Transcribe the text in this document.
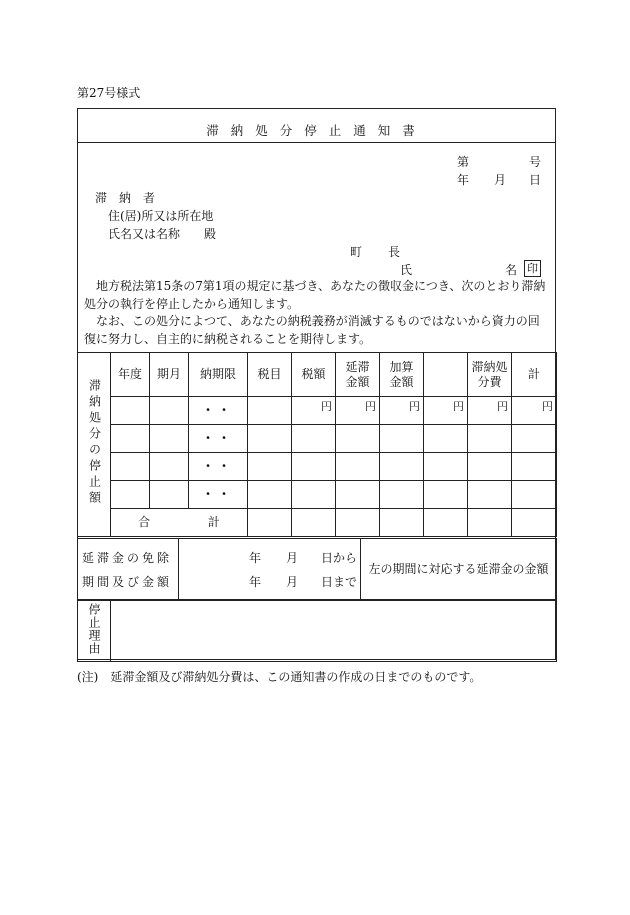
第27号様式
滞納処分停止通知書
第	号
年 月 日
滞　納　者
住(居)所又は所在地
氏名又は名称　　殿
町 長
氏	名 印
地方税法第15条の7第1項の規定に基づき、あなたの徴収金につき、次のとおり滞納処分の執行を停止したから通知します。
なお、この処分によつて、あなたの納税義務が消滅するものではないから資力の回復に努力し、自主的に納税されることを期待します。
滞納処分の停止額	年度	期月	納期限	税目	税額	延滞金額	加算金額		滞納処分費	計
			・・		円	円	円	円	円	円
			・・							
			・・							
			・・							
	合 計									
延滞金の免除
期間及び金額

年 月 日から
年 月 日まで
	左の期間に対応する延滞金の金額
停止理由	
(注)　延滞金額及び滞納処分費は、この通知書の作成の日までのものです。
